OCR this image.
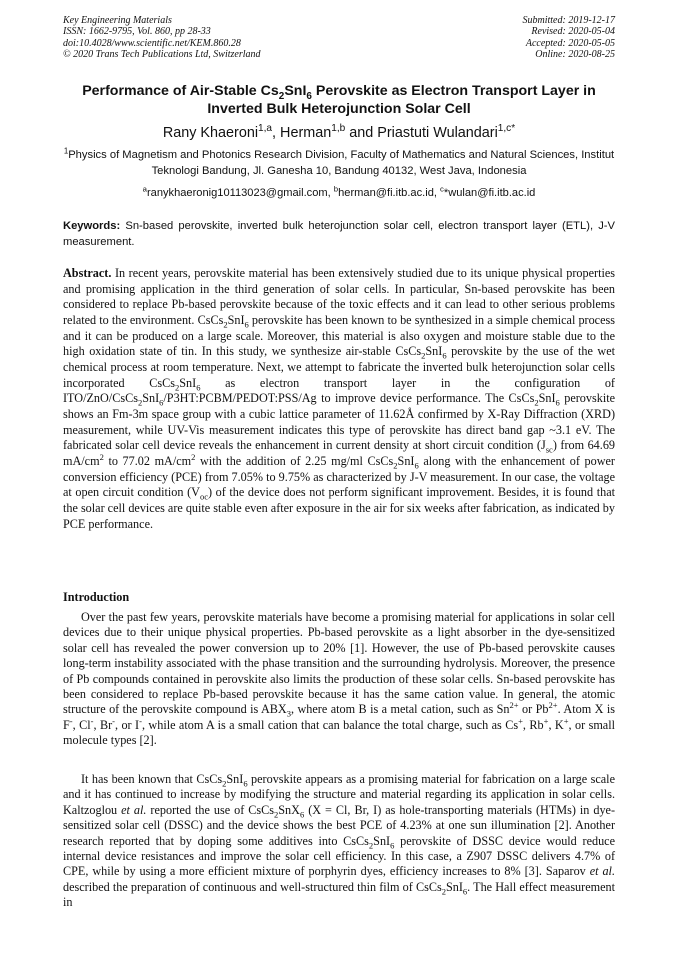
Key Engineering Materials
ISSN: 1662-9795, Vol. 860, pp 28-33
doi:10.4028/www.scientific.net/KEM.860.28
© 2020 Trans Tech Publications Ltd, Switzerland
Submitted: 2019-12-17
Revised: 2020-05-04
Accepted: 2020-05-05
Online: 2020-08-25
Performance of Air-Stable $Cs_2SnI_6$ Perovskite as Electron Transport Layer in Inverted Bulk Heterojunction Solar Cell
Rany Khaeroni$^{1,a}$, Herman$^{1,b}$ and Priastuti Wulandari$^{1,c*}$
$^1$Physics of Magnetism and Photonics Research Division, Faculty of Mathematics and Natural Sciences, Institut Teknologi Bandung, Jl. Ganesha 10, Bandung 40132, West Java, Indonesia
$^a$ranykhaeronig10113023@gmail.com, $^b$herman@fi.itb.ac.id, $^c$*wulan@fi.itb.ac.id
Keywords: Sn-based perovskite, inverted bulk heterojunction solar cell, electron transport layer (ETL), J-V measurement.

Abstract. In recent years, perovskite material has been extensively studied due to its unique physical properties and promising application in the third generation of solar cells. In particular, Sn-based perovskite has been considered to replace Pb-based perovskite because of the toxic effects and it can lead to other serious problems related to the environment. CsCs$_2$SnI$_6$ perovskite has been known to be synthesized in a simple chemical process and it can be produced on a large scale. Moreover, this material is also oxygen and moisture stable due to the high oxidation state of tin. In this study, we synthesize air-stable CsCs$_2$SnI$_6$ perovskite by the use of the wet chemical process at room temperature. Next, we attempt to fabricate the inverted bulk heterojunction solar cells incorporated CsCs$_2$SnI$_6$ as electron transport layer in the configuration of ITO/ZnO/CsCs$_2$SnI$_6$/P3HT:PCBM/PEDOT:PSS/Ag to improve device performance. The CsCs$_2$SnI$_6$ perovskite shows an Fm-3m space group with a cubic lattice parameter of 11.62Å confirmed by X-Ray Diffraction (XRD) measurement, while UV-Vis measurement indicates this type of perovskite has direct band gap ~3.1 eV. The fabricated solar cell device reveals the enhancement in current density at short circuit condition $(J_{sc})$ from 64.69 $mA/cm^2$ to 77.02 $mA/cm^2$ with the addition of 2.25 mg/ml CsCs$_2$SnI$_6$ along with the enhancement of power conversion efficiency (PCE) from 7.05% to 9.75% as characterized by J-V measurement. In our case, the voltage at open circuit condition $(V_{oc})$ of the device does not perform significant improvement. Besides, it is found that the solar cell devices are quite stable even after exposure in the air for six weeks after fabrication, as indicated by PCE performance.

Introduction

Over the past few years, perovskite materials have become a promising material for applications in solar cell devices due to their unique physical properties. Pb-based perovskite as a light absorber in the dye-sensitized solar cell has revealed the power conversion up to 20% [1]. However, the use of Pb-based perovskite causes long-term instability associated with the phase transition and the surrounding hydrolysis. Moreover, the presence of Pb compounds contained in perovskite also limits the production of these solar cells. Sn-based perovskite has been considered to replace Pb-based perovskite because it has the same cation value. In general, the atomic structure of the perovskite compound is $ABX_3$, where atom B is a metal cation, such as $Sn^{2+}$ or $Pb^{2+}$. Atom X is F-, Cl-, Br-, or I-, while atom A is a small cation that can balance the total charge, such as Cs+, Rb+, K+, or small molecule types [2].

It has been known that CsCs$_2$SnI$_6$ perovskite appears as a promising material for fabrication on a large scale and it has continued to increase by modifying the structure and material regarding its application in solar cells. Kaltzoglou et al. reported the use of CsCs$_2$SnX$_6$ (X = Cl, Br, I) as hole-transporting materials (HTMs) in dye-sensitized solar cell (DSSC) and the device shows the best PCE of 4.23% at one sun illumination [2]. Another research reported that by doping some additives into CsCs$_2$SnI$_6$ perovskite of DSSC device would reduce internal device resistances and improve the solar cell efficiency. In this case, a Z907 DSSC delivers 4.7% of CPE, while by using a more efficient mixture of porphyrin dyes, efficiency increases to 8% [3]. Saparov et al. described the preparation of continuous and well-structured thin film of CsCs$_2$SnI$_6$. The Hall effect measurement in
